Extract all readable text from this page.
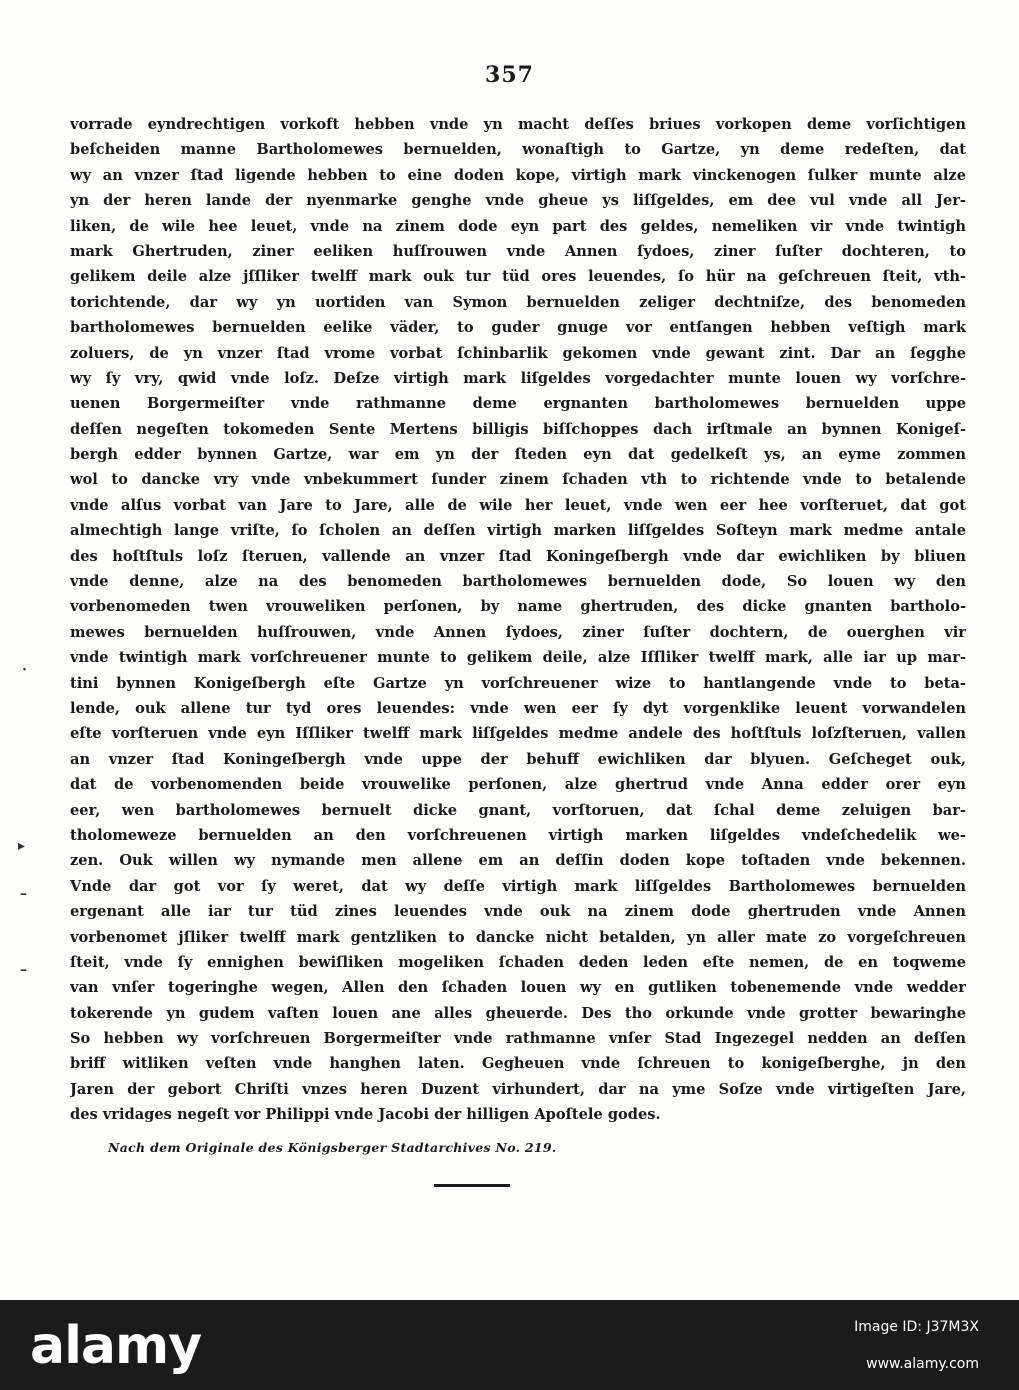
357
vorrade eyndrechtigen vorkoft hebben vnde yn macht deſſes briues vorkopen deme vorſichtigen
beſcheiden manne Bartholomewes bernuelden, wonaſtigh to Gartze, yn deme redeſten, dat
wy an vnzer ſtad ligende hebben to eine doden kope, virtigh mark vinckenogen ſulker munte alze
yn der heren lande der nyenmarke genghe vnde gheue ys liſſgeldes, em dee vul vnde all Jer-
liken, de wile hee leuet, vnde na zinem dode eyn part des geldes, nemeliken vir vnde twintigh
mark Ghertruden, ziner eeliken huſſrouwen vnde Annen ſydoes, ziner ſuſter dochteren, to
gelikem deile alze jſſliker twelff mark ouk tur tüd ores leuendes, ſo hür na geſchreuen ſteit, vth-
torichtende, dar wy yn uortiden van Symon bernuelden zeliger dechtniſze, des benomeden
bartholomewes bernuelden eelike väder, to guder gnuge vor entſangen hebben veſtigh mark
zoluers, de yn vnzer ſtad vrome vorbat ſchinbarlik gekomen vnde gewant zint. Dar an ſegghe
wy ſy vry, qwid vnde loſz. Deſze virtigh mark liſgeldes vorgedachter munte louen wy vorſchre-
uenen Borgermeiſter vnde rathmanne deme ergnanten bartholomewes bernuelden uppe
deſſen negeſten tokomeden Sente Mertens billigis biſſchoppes dach irſtmale an bynnen Konigeſ-
bergh edder bynnen Gartze, war em yn der ſteden eyn dat gedelkeſt ys, an eyme zommen
wol to dancke vry vnde vnbekummert ſunder zinem ſchaden vth to richtende vnde to betalende
vnde alſus vorbat van Jare to Jare, alle de wile her leuet, vnde wen eer hee vorſteruet, dat got
almechtigh lange vriſte, ſo ſcholen an deſſen virtigh marken liſſgeldes Soſteyn mark medme antale
des hoſtſtuls loſz ſteruen, vallende an vnzer ſtad Koningeſbergh vnde dar ewichliken by bliuen
vnde denne, alze na des benomeden bartholomewes bernuelden dode, So louen wy den
vorbenomeden twen vrouweliken perſonen, by name ghertruden, des dicke gnanten bartholo-
mewes bernuelden huſſrouwen, vnde Annen ſydoes, ziner ſuſter dochtern, de ouerghen vir
vnde twintigh mark vorſchreuener munte to gelikem deile, alze Iſſliker twelff mark, alle iar up mar-
tini bynnen Konigeſbergh eſte Gartze yn vorſchreuener wize to hantlangende vnde to beta-
lende, ouk allene tur tyd ores leuendes: vnde wen eer ſy dyt vorgenklike leuent vorwandelen
eſte vorſteruen vnde eyn Iſſliker twelff mark liſſgeldes medme andele des hoſtſtuls loſzſteruen, vallen
an vnzer ſtad Koningeſbergh vnde uppe der behuff ewichliken dar blyuen. Geſcheget ouk,
dat de vorbenomenden beide vrouwelike perſonen, alze ghertrud vnde Anna edder orer eyn
eer, wen bartholomewes bernuelt dicke gnant, vorſtoruen, dat ſchal deme zeluigen bar-
tholomeweze bernuelden an den vorſchreuenen virtigh marken liſgeldes vndeſchedelik we-
zen. Ouk willen wy nymande men allene em an deſſin doden kope toſtaden vnde bekennen.
Vnde dar got vor ſy weret, dat wy deſſe virtigh mark liſſgeldes Bartholomewes bernuelden
ergenant alle iar tur tüd zines leuendes vnde ouk na zinem dode ghertruden vnde Annen
vorbenomet jſliker twelff mark gentzliken to dancke nicht betalden, yn aller mate zo vorgeſchreuen
ſteit, vnde ſy ennighen bewiſliken mogeliken ſchaden deden leden eſte nemen, de en toqweme
van vnſer togeringhe wegen, Allen den ſchaden louen wy en gutliken tobenemende vnde wedder
tokerende yn gudem vaſten louen ane alles gheuerde. Des tho orkunde vnde grotter bewaringhe
So hebben wy vorſchreuen Borgermeiſter vnde rathmanne vnſer Stad Ingezegel nedden an deſſen
briff witliken veſten vnde hanghen laten. Gegheuen vnde ſchreuen to konigeſberghe, jn den
Jaren der gebort Chriſti vnzes heren Duzent virhundert, dar na yme Soſze vnde virtigeſten Jare,
des vridages negeſt vor Philippi vnde Jacobi der hilligen Apoſtele godes.
·
▸
–
–
Nach dem Originale des Königsberger Stadtarchives No. 219.
alamy	Image ID: J37M3X
www.alamy.com
